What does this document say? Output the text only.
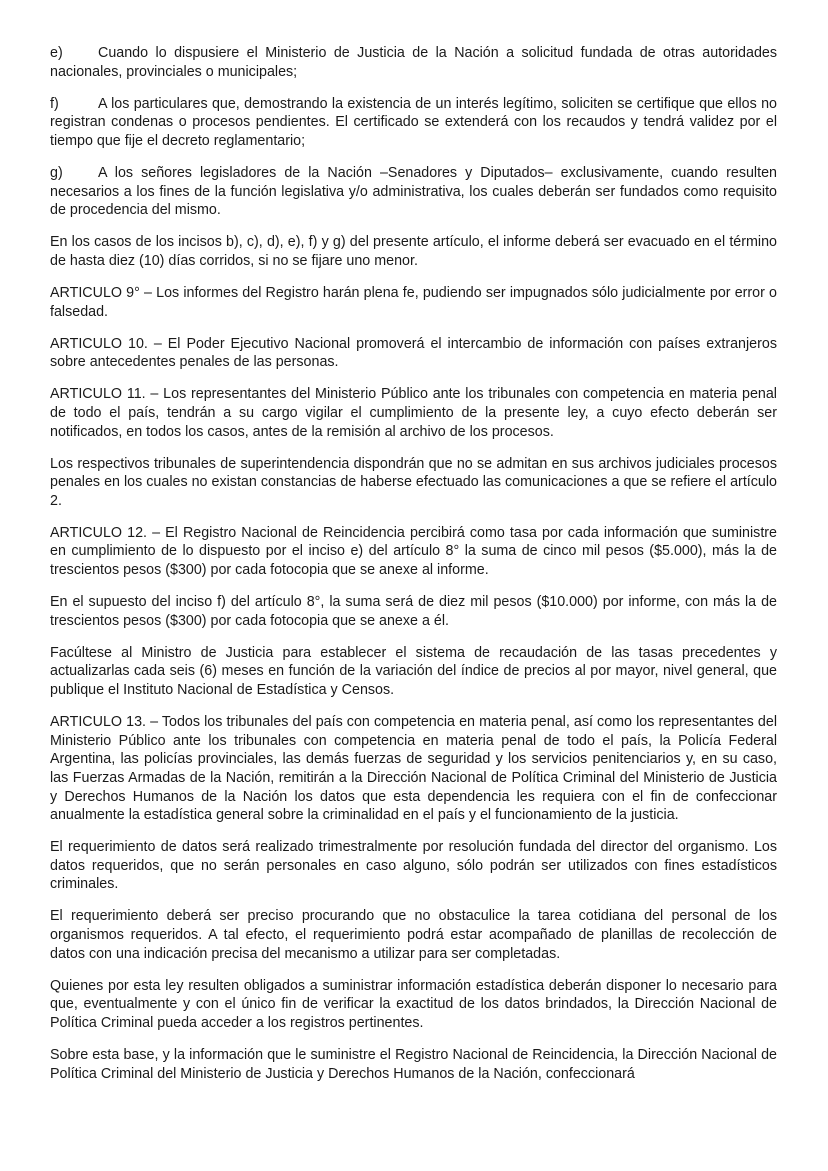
e) Cuando lo dispusiere el Ministerio de Justicia de la Nación a solicitud fundada de otras autoridades nacionales, provinciales o municipales;

f)	A los particulares que, demostrando la existencia de un interés legítimo, soliciten se certifique que ellos no registran condenas o procesos pendientes. El certificado se extenderá con los recaudos y tendrá validez por el tiempo que fije el decreto reglamentario;

g) A los señores legisladores de la Nación –Senadores y Diputados– exclusivamente, cuando resulten necesarios a los fines de la función legislativa y/o administrativa, los cuales deberán ser fundados como requisito de procedencia del mismo.

En los casos de los incisos b), c), d), e), f) y g) del presente artículo, el informe deberá ser evacuado en el término de hasta diez (10) días corridos, si no se fijare uno menor.

ARTICULO 9° – Los informes del Registro harán plena fe, pudiendo ser impugnados sólo judicialmente por error o falsedad.

ARTICULO 10. – El Poder Ejecutivo Nacional promoverá el intercambio de información con países extranjeros sobre antecedentes penales de las personas.

ARTICULO 11. – Los representantes del Ministerio Público ante los tribunales con competencia en materia penal de todo el país, tendrán a su cargo vigilar el cumplimiento de la presente ley, a cuyo efecto deberán ser notificados, en todos los casos, antes de la remisión al archivo de los procesos.

Los respectivos tribunales de superintendencia dispondrán que no se admitan en sus archivos judiciales procesos penales en los cuales no existan constancias de haberse efectuado las comunicaciones a que se refiere el artículo 2.

ARTICULO 12. – El Registro Nacional de Reincidencia percibirá como tasa por cada información que suministre en cumplimiento de lo dispuesto por el inciso e) del artículo 8° la suma de cinco mil pesos ($5.000), más la de trescientos pesos ($300) por cada fotocopia que se anexe al informe.

En el supuesto del inciso f) del artículo 8°, la suma será de diez mil pesos ($10.000) por informe, con más la de trescientos pesos ($300) por cada fotocopia que se anexe a él.

Facúltese al Ministro de Justicia para establecer el sistema de recaudación de las tasas precedentes y actualizarlas cada seis (6) meses en función de la variación del índice de precios al por mayor, nivel general, que publique el Instituto Nacional de Estadística y Censos.

ARTICULO 13. – Todos los tribunales del país con competencia en materia penal, así como los representantes del Ministerio Público ante los tribunales con competencia en materia penal de todo el país, la Policía Federal Argentina, las policías provinciales, las demás fuerzas de seguridad y los servicios penitenciarios y, en su caso, las Fuerzas Armadas de la Nación, remitirán a la Dirección Nacional de Política Criminal del Ministerio de Justicia y Derechos Humanos de la Nación los datos que esta dependencia les requiera con el fin de confeccionar anualmente la estadística general sobre la criminalidad en el país y el funcionamiento de la justicia.

El requerimiento de datos será realizado trimestralmente por resolución fundada del director del organismo. Los datos requeridos, que no serán personales en caso alguno, sólo podrán ser utilizados con fines estadísticos criminales.

El requerimiento deberá ser preciso procurando que no obstaculice la tarea cotidiana del personal de los organismos requeridos. A tal efecto, el requerimiento podrá estar acompañado de planillas de recolección de datos con una indicación precisa del mecanismo a utilizar para ser completadas.

Quienes por esta ley resulten obligados a suministrar información estadística deberán disponer lo necesario para que, eventualmente y con el único fin de verificar la exactitud de los datos brindados, la Dirección Nacional de Política Criminal pueda acceder a los registros pertinentes.

Sobre esta base, y la información que le suministre el Registro Nacional de Reincidencia, la Dirección Nacional de Política Criminal del Ministerio de Justicia y Derechos Humanos de la Nación, confeccionará
